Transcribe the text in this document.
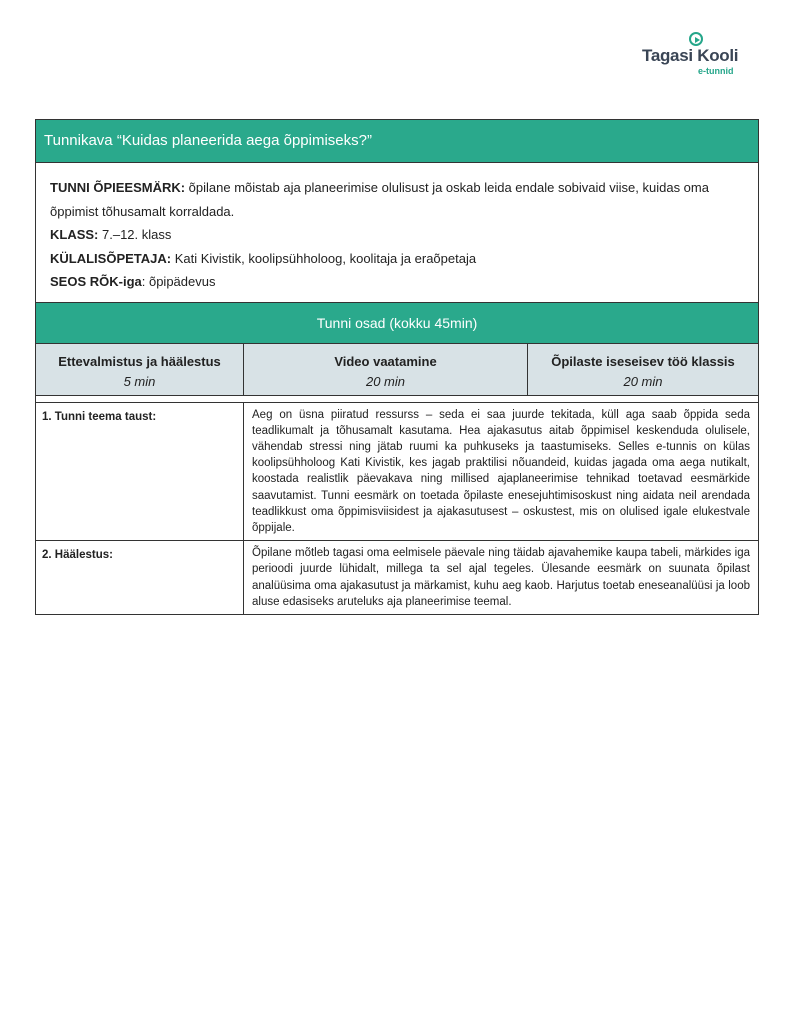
Tagasi Kooli
e-tunnid
Tunnikava “Kuidas planeerida aega õppimiseks?”
TUNNI ÕPIEESMÄRK: õpilane mõistab aja planeerimise olulisust ja oskab leida endale sobivaid viise, kuidas oma õppimist tõhusamalt korraldada.
KLASS: 7.–12. klass
KÜLALISÕPETAJA: Kati Kivistik, koolipsühholoog, koolitaja ja eraõpetaja
SEOS RÕK-iga: õpipädevus
Tunni osad (kokku 45min)
Ettevalmistus ja häälestus
5 min
Video vaatamine
20 min
Õpilaste iseseisev töö klassis
20 min
1. Tunni teema taust:	Aeg on üsna piiratud ressurss – seda ei saa juurde tekitada, küll aga saab õppida seda teadlikumalt ja tõhusamalt kasutama. Hea ajakasutus aitab õppimisel keskenduda olulisele, vähendab stressi ning jätab ruumi ka puhkuseks ja taastumiseks. Selles e-tunnis on külas koolipsühholoog Kati Kivistik, kes jagab praktilisi nõuandeid, kuidas jagada oma aega nutikalt, koostada realistlik päevakava ning millised ajaplaneerimise tehnikad toetavad eesmärkide saavutamist. Tunni eesmärk on toetada õpilaste enesejuhtimisoskust ning aidata neil arendada teadlikkust oma õppimisviisidest ja ajakasutusest – oskustest, mis on olulised igale elukestvale õppijale.
2. Häälestus:	Õpilane mõtleb tagasi oma eelmisele päevale ning täidab ajavahemike kaupa tabeli, märkides iga perioodi juurde lühidalt, millega ta sel ajal tegeles. Ülesande eesmärk on suunata õpilast analüüsima oma ajakasutust ja märkamist, kuhu aeg kaob. Harjutus toetab eneseanalüüsi ja loob aluse edasiseks aruteluks aja planeerimise teemal.
